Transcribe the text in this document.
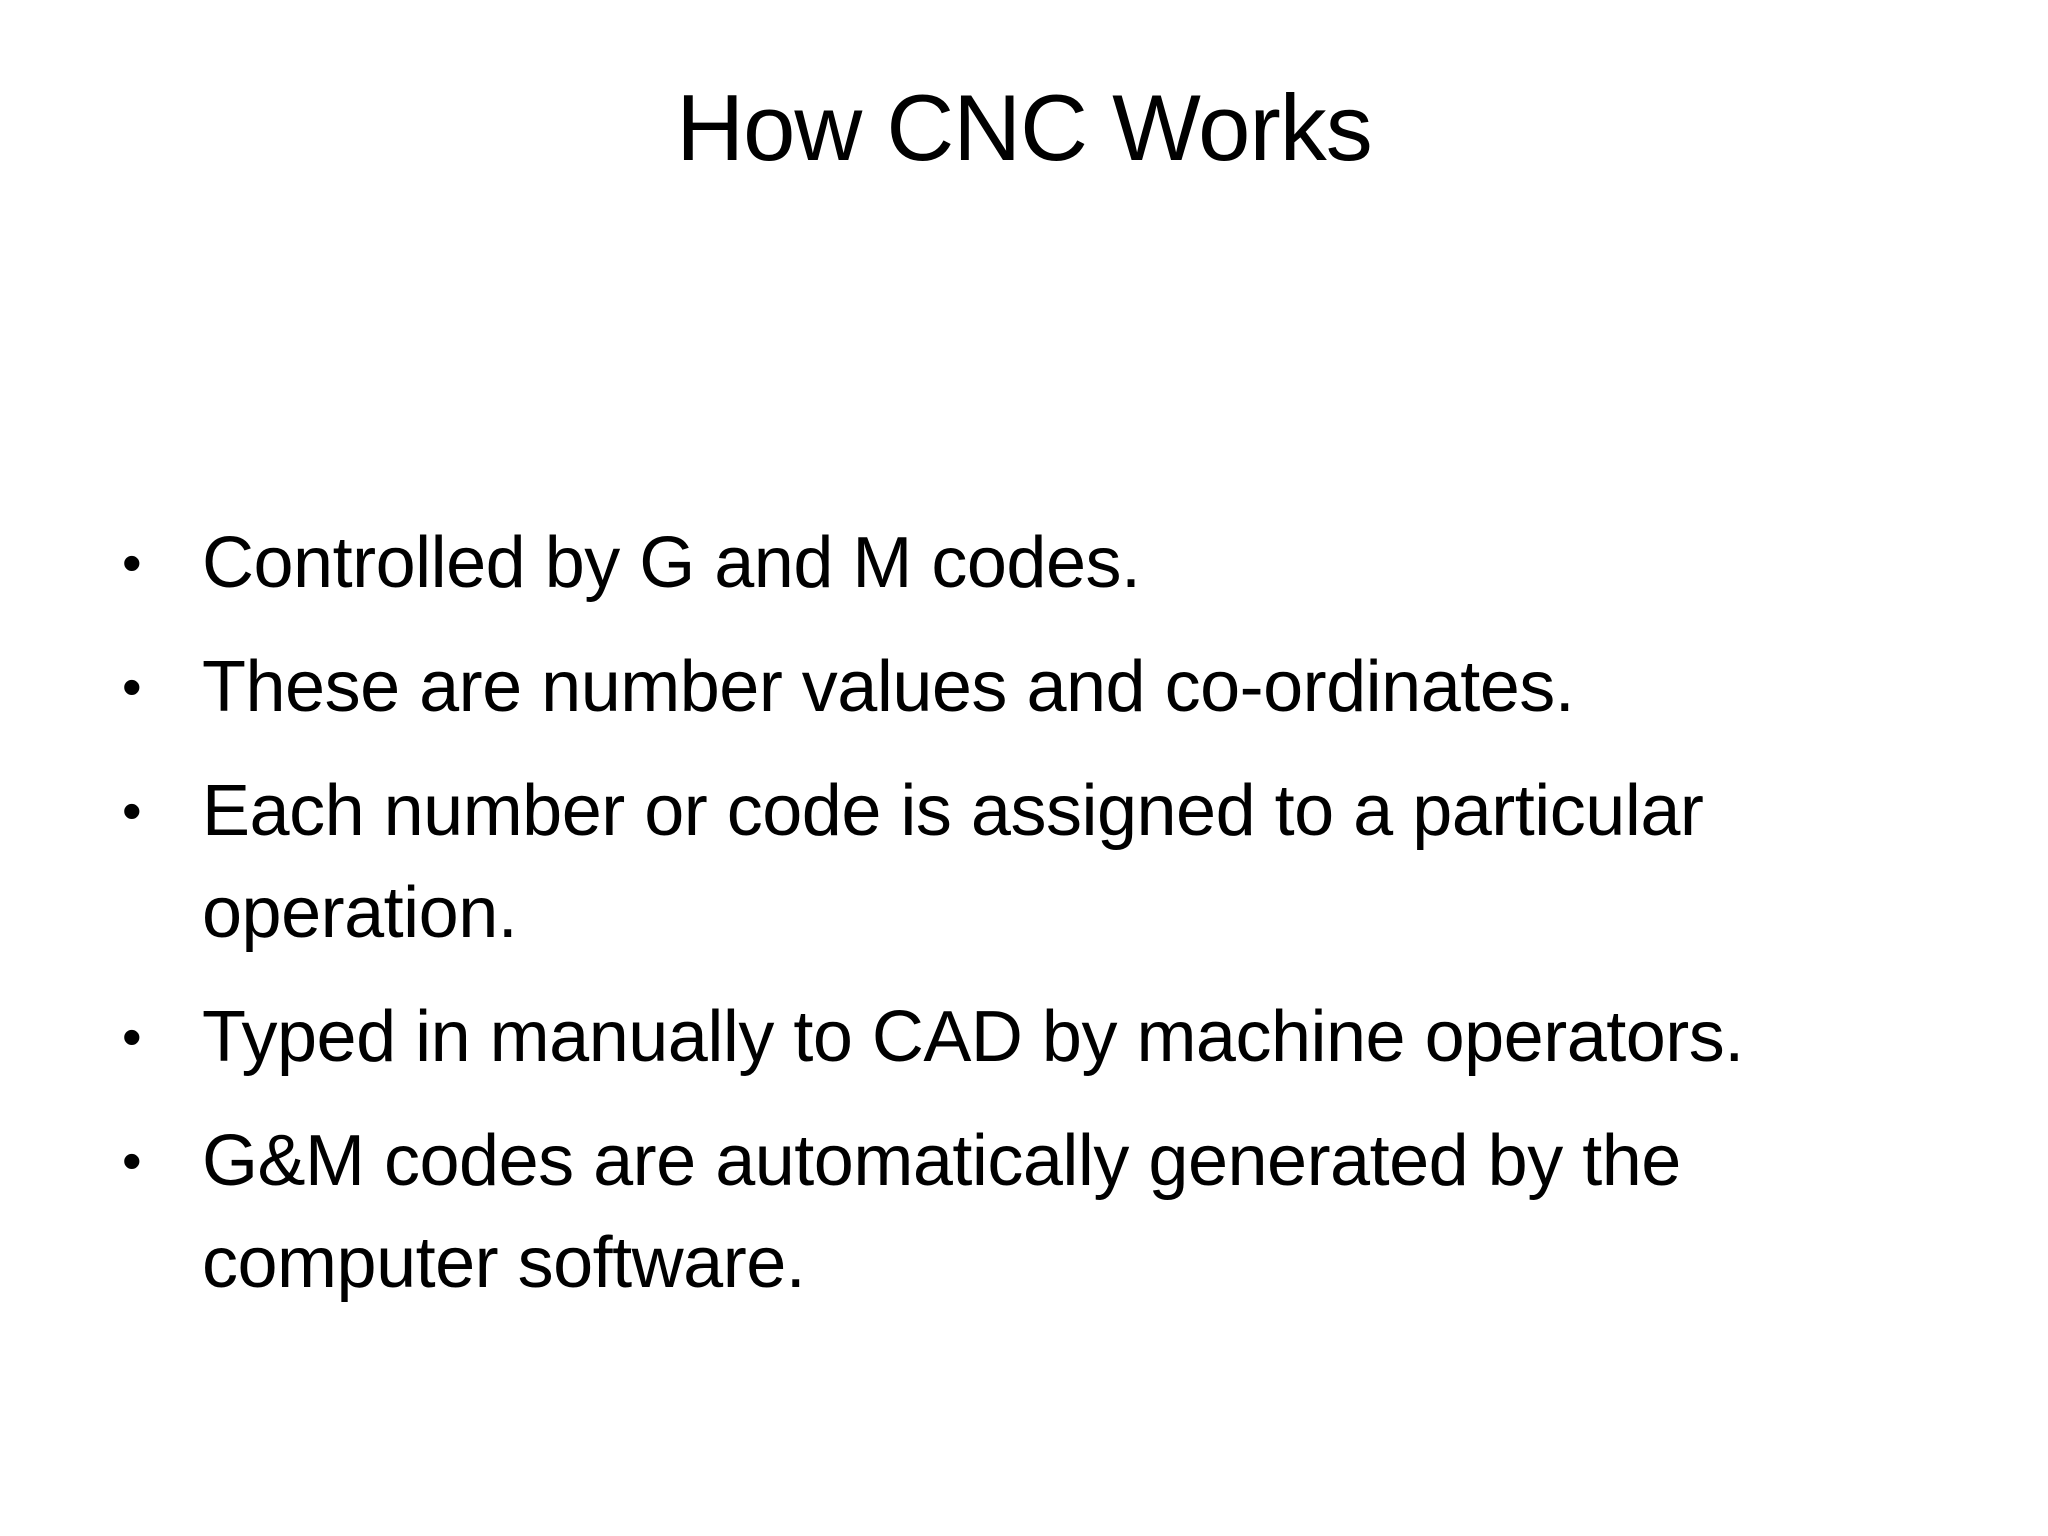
How CNC Works
• Controlled by G and M codes.
• These are number values and co-ordinates.
• Each number or code is assigned to a particular operation.
• Typed in manually to CAD by machine operators.
• G&M codes are automatically generated by the computer software.
